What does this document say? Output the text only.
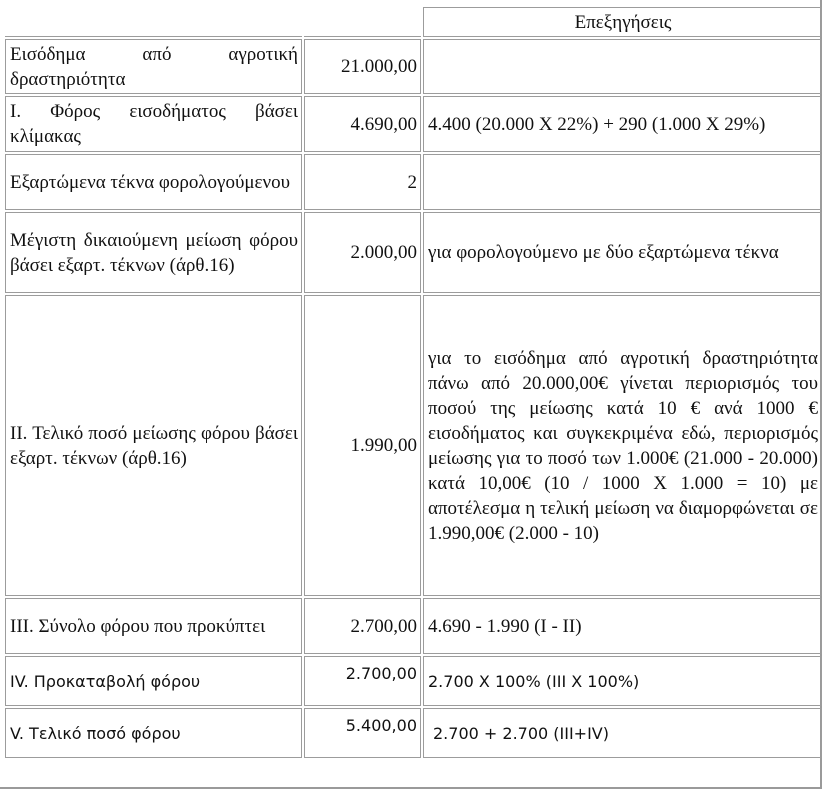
		Επεξηγήσεις
Εισόδημα από αγροτική δραστηριότητα	21.000,00	
Ι. Φόρος εισοδήματος βάσει κλίμακας	4.690,00	4.400 (20.000 Χ 22%) + 290 (1.000 Χ 29%)
Εξαρτώμενα τέκνα φορολογούμενου	2	
Μέγιστη δικαιούμενη μείωση φόρου βάσει εξαρτ. τέκνων (άρθ.16)	2.000,00	για φορολογούμενο με δύο εξαρτώμενα τέκνα
ΙΙ. Τελικό ποσό μείωσης φόρου βάσει εξαρτ. τέκνων (άρθ.16)	1.990,00	για το εισόδημα από αγροτική δραστηριότητα πάνω από 20.000,00€ γίνεται περιορισμός του ποσού της μείωσης κατά 10 € ανά 1000 € εισοδήματος και συγκεκριμένα εδώ, περιορισμός μείωσης για το ποσό των 1.000€ (21.000 - 20.000) κατά 10,00€ (10 / 1000 Χ 1.000 = 10) με αποτέλεσμα η τελική μείωση να διαμορφώνεται σε 1.990,00€ (2.000 - 10)
ΙΙΙ. Σύνολο φόρου που προκύπτει	2.700,00	4.690 - 1.990 (Ι - ΙΙ)
IV. Προκαταβολή φόρου	2.700,00	2.700 Χ 100% (ΙΙΙ Χ 100%)
V. Τελικό ποσό φόρου	5.400,00	2.700 + 2.700 (ΙΙΙ+IV)
